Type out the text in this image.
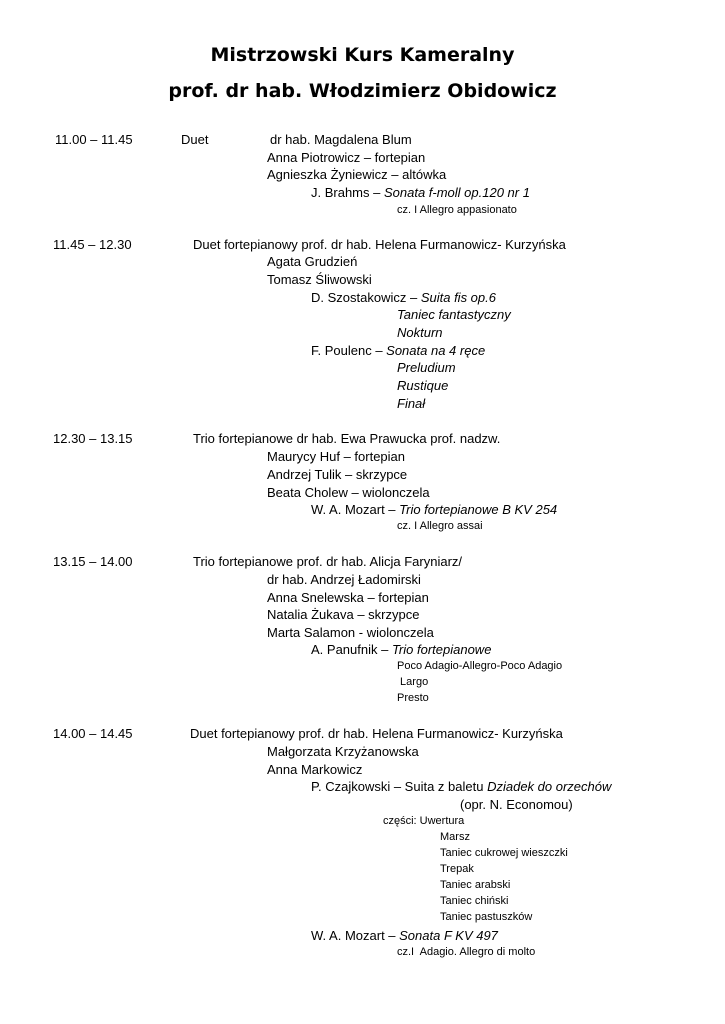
Mistrzowski Kurs Kameralny
prof. dr hab. Włodzimierz Obidowicz
11.00 – 11.45	Duet	dr hab. Magdalena Blum
Anna Piotrowicz – fortepian
Agnieszka Żyniewicz – altówka
J. Brahms – Sonata f-moll op.120 nr 1
cz. I Allegro appasionato
11.45 – 12.30	Duet fortepianowy prof. dr hab. Helena Furmanowicz- Kurzyńska
Agata Grudzień
Tomasz Śliwowski
D. Szostakowicz – Suita fis op.6
Taniec fantastyczny
Nokturn
F. Poulenc – Sonata na 4 ręce
Preludium
Rustique
Finał
12.30 – 13.15	Trio fortepianowe dr hab. Ewa Prawucka prof. nadzw.
Maurycy Huf – fortepian
Andrzej Tulik – skrzypce
Beata Cholew – wiolonczela
W. A. Mozart – Trio fortepianowe B KV 254
cz. I Allegro assai
13.15 – 14.00	Trio fortepianowe prof. dr hab. Alicja Faryniarz/
dr hab. Andrzej Ładomirski
Anna Snelewska – fortepian
Natalia Żukava – skrzypce
Marta Salamon - wiolonczela
A. Panufnik – Trio fortepianowe
Poco Adagio-Allegro-Poco Adagio
Largo
Presto
14.00 – 14.45	Duet fortepianowy prof. dr hab. Helena Furmanowicz- Kurzyńska
Małgorzata Krzyżanowska
Anna Markowicz
P. Czajkowski – Suita z baletu Dziadek do orzechów
(opr. N. Economou)
części: Uwertura
Marsz
Taniec cukrowej wieszczki
Trepak
Taniec arabski
Taniec chiński
Taniec pastuszków
W. A. Mozart – Sonata F KV 497
cz.I  Adagio. Allegro di molto
